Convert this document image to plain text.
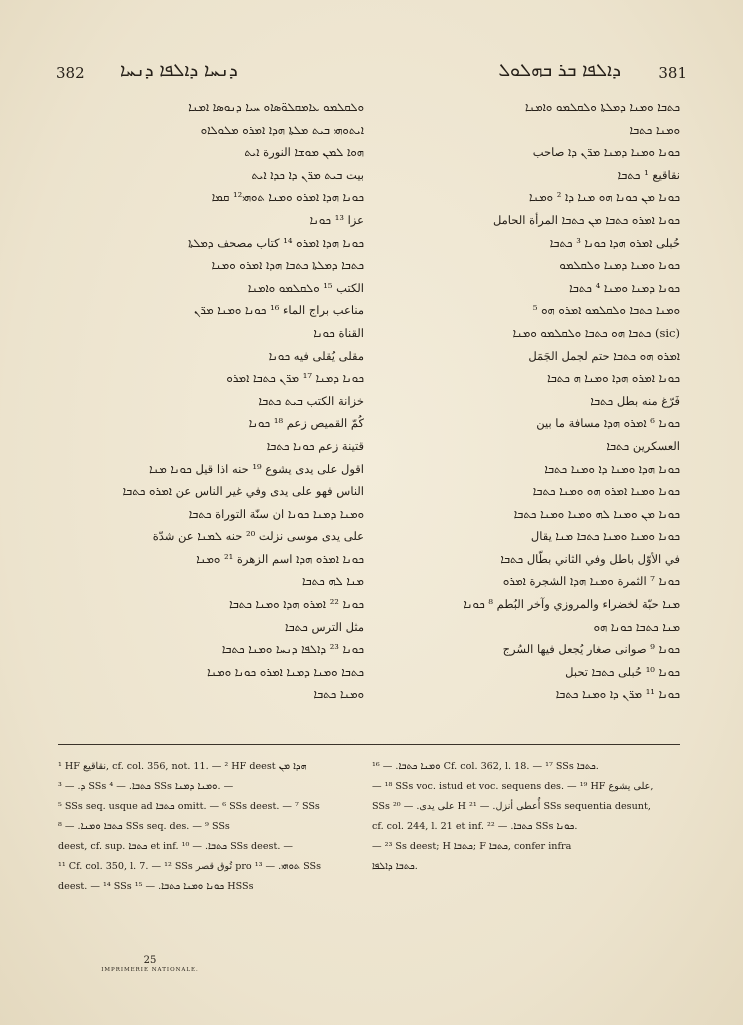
382 ܕܢܚܐ ܕܐܠܦܐ ܕܢܚܐ	ܕܐܠܦܐ ܒܪ ܒܗܠܘܠ 381

ܘܠܩܠܡܘ ܥܐܡܩܠܘ̈ܣܐܘ ܚܝܐ ܕܢܘܣܐ ܐܡܢܐ

ܐܝܬܘܗܝ ܒܝܬ ܡܠܬܐ ܗܕܐ ܐܡܪܘ ܡܠܘܠܐܘ

ܗܘܐ ܠܡܢ ܡܘܫܐ النورة ܐܝܬ

بيت ܒܝܬ ܡܪ̈ܢ ܕܐ ܟܕܐ ܐܝܬ

ܟܘܢܐ ܗܕܐ ܐܡܪܘ ܘܡܢܐ ܬܘܗܝ¹² ܩܡܐ

عزا ¹³ ܟܘܢܐ

ܟܘܢܐ ܗܕܐ ܐܡܪܘ ¹⁴ كتاب مصحف ܕܡܠܬܐ

ܟܬܒܐ ܕܡܠܬܐ ܟܬܒܐ ܗܕܐ ܐܡܪܘ ܘܡܢܐ

الكتب ¹⁵ ܘܠܩܠܡܘ ܘܐܡܢܐ

مناعب براج الماء ¹⁶ ܟܘܢܐ ܘܡܢܐ ܡܪ̈ܢ

القناة ܟܘܢܐ

مقلى يُقلى فيه ܟܘܢܐ

ܟܘܢܐ ܕܡܢܐ ¹⁷ ܡܪ̈ܢ ܟܬܒܐ ܐܡܪܘ

خزانة الكتب ܒܝܬ ܟܬܒܐ

كُمّ القميص زعم ¹⁸ ܟܘܢܐ

قتينة زعم ܟܘܢܐ ܟܬܒܐ

اقول على يدى يشوع ¹⁹ حنه اذا قيل ܟܘܢܐ ܡܢܐ

الناس فهو على يدى وفي غير الناس عن ܐܡܪܘ ܟܬܒܐ

ܘܡܢܐ ܕܡܢܐ ܟܘܢܐ ان سنّة التوراة ܟܬܒܐ

على يدى موسى نزلت ²⁰ حنه ܠܡܢܐ عن شدّة

ܟܘܢܐ ܐܡܪܘ ܗܕܐ اسم الزهرة ²¹ ܘܡܢܐ

ܡܢܐ ܠܗ ܟܬܒܐ

ܟܘܢܐ ²² ܐܡܪܘ ܗܕܐ ܘܡܢܐ ܟܬܒܐ

مثل الترس ܟܬܒܐ

ܟܘܢܐ ²³ ܕܐܠܦܐ ܕܢܚܐ ܘܡܢܐ ܟܬܒܐ

ܟܬܒܐ ܘܡܢܐ ܕܡܢܐ ܐܡܪܘ ܟܘܢܐ ܘܡܢܐ

ܘܡܢܐ ܟܬܒܐ

ܟܬܒܐ ܘܡܢܐ ܕܡܠܬܐ ܘܠܩܠܡܘ ܘܐܡܢܐ

ܘܡܢܐ ܟܬܒܐ

ܟܘܢܐ ܘܡܢܐ ܕܡܢܐ ܡܪ̈ܢ ܕܐ صاحب

نقاقيع ¹ ܟܬܒܐ

ܟܘܢܐ ܡܢ ܟܘܢܐ ܗܘ ܡܢܐ ܕܐ ² ܘܡܢܐ

ܟܘܢܐ ܐܡܪܘ ܟܬܒܐ ܡܢ ܟܬܒܐ المرأة الحامل

حُبلى ܐܡܪܘ ܗܕܐ ܟܘܢܐ ³ ܟܬܒܐ

ܟܘܢܐ ܘܡܢܐ ܕܡܢܐ ܘܠܩܠܡܘ

ܟܘܢܐ ܕܡܢܐ ܘܡܢܐ ⁴ ܟܬܒܐ

ܘܡܢܐ ܟܬܒܐ ܘܠܩܠܡܘ ܐܡܪܘ ܗܘ ⁵

(sic) ܟܬܒܐ ܗܘ ܟܬܒܐ ܘܠܩܠܡܘ ܘܡܢܐ

ܐܡܪܘ ܗܘ ܟܬܒܐ حتم لجمل الجَمَل

ܟܘܢܐ ܐܡܪܘ ܗܕܐ ܘܡܢܐ ܗ ܟܬܒܐ

فَرّغ منه بطل ܟܬܒܐ

ܟܘܢܐ ⁶ ܐܡܪܘ ܗܕܐ مسافة ما بين

العسكرين ܟܬܒܐ

ܟܘܢܐ ܗܕܐ ܘܡܢܐ ܕܐ ܘܡܢܐ ܟܬܒܐ

ܟܘܢܐ ܘܡܢܐ ܐܡܪܘ ܗܘ ܘܡܢܐ ܟܬܒܐ

ܟܘܢܐ ܡܢ ܘܡܢܐ ܠܗ ܘܡܢܐ ܘܡܢܐ ܟܬܒܐ

ܟܘܢܐ ܘܡܢܐ ܘܡܢܐ ܟܬܒܐ ܡܢܐ يقال

في الأوّل باطل وفي الثاني بطّال ܟܬܒܐ

ܟܘܢܐ ⁷ الثمرة ܘܡܢܐ ܗܕܐ الشجرة ܐܡܪܘ

ܡܢܐ حبّة لخضراء والمروزي وآخر البُطم ⁸ ܟܘܢܐ

ܡܢܐ ܟܬܒܐ ܟܘܢܐ ܗܘ

ܟܘܢܐ ⁹ صوانى صغار يُجعل فيها السُرج

ܟܘܢܐ ¹⁰ حُبلى ܟܬܒܐ تحبل

ܟܘܢܐ ¹¹ ܡܪ̈ܢ ܕܐ ܘܡܢܐ ܟܬܒܐ

¹ HF نقاقيع, cf. col. 356, not. 11. — ² HF deest ܗܕܐ ܡܢ

ܕ. — ³ SSs ܟܬܒܐ. — ⁴ SSs ܘܡܢܐ ܕܡܢܐ. —

⁵ SSs seq. usque ad ܟܬܒܐ omitt. — ⁶ SSs deest. — ⁷ SSs

ܟܬܒܐ ܘܡܢܐ. — ⁸ SSs seq. des. — ⁹ SSs

deest, cf. sup. ܟܬܒܐ et inf. ܟܬܒܐ. — ¹⁰ SSs deest. —

¹¹ Cf. col. 350, l. 7. — ¹² SSs تُوق قصر pro ܬܘܗܝ. — ¹³ SSs

deest. — ¹⁴ SSs ܟܘܢܐ ܘܡܢܐ ܟܬܒܐ. — ¹⁵ HSSs

ܘܡܢܐ ܟܬܒܐ. — ¹⁶ Cf. col. 362, l. 18. — ¹⁷ SSs ܟܬܒܐ.

— ¹⁸ SSs voc. istud et voc. sequens des. — ¹⁹ HF على يشوع,

SSs على يدى. — ²⁰ H أُعطى أنزل. — ²¹ SSs sequentia desunt,

cf. col. 244, l. 21 et inf. ܟܬܒܐ. — ²² SSs ܟܘܢܐ.

— ²³ Ss deest; H ܟܬܒܐ; F ܟܬܒܐ, confer infra

ܟܬܒܐ ܕܐܠܦܐ.

25
IMPRIMERIE NATIONALE.
